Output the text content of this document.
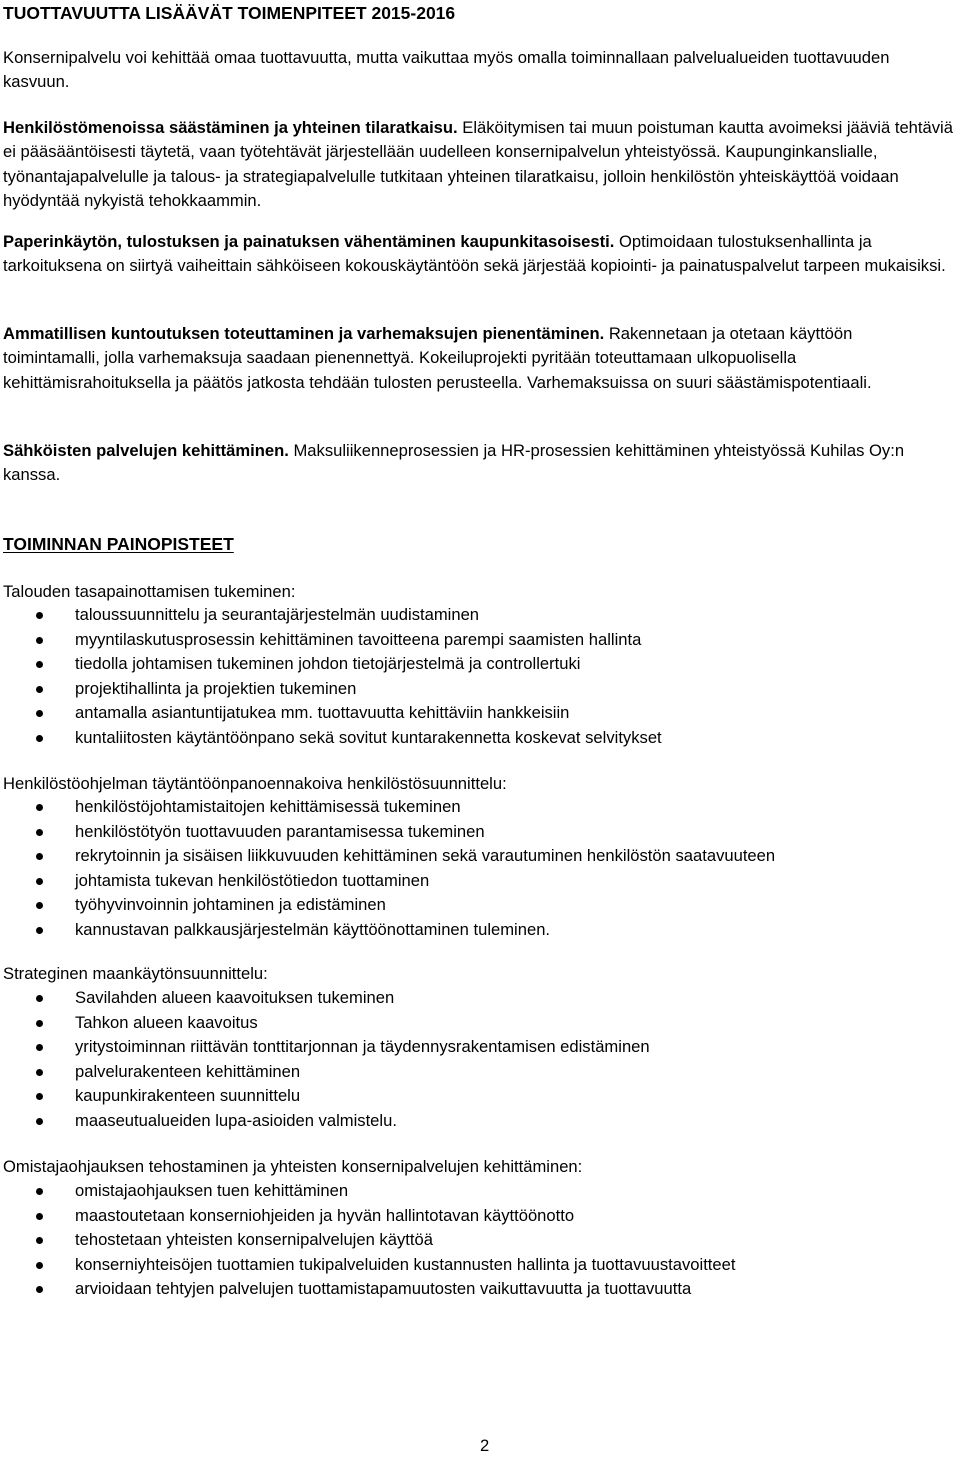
TUOTTAVUUTTA LISÄÄVÄT TOIMENPITEET 2015-2016

Konsernipalvelu voi kehittää omaa tuottavuutta, mutta vaikuttaa myös omalla toiminnallaan palvelualueiden tuottavuuden kasvuun.

Henkilöstömenoissa säästäminen ja yhteinen tilaratkaisu. Eläköitymisen tai muun poistuman kautta avoimeksi jääviä tehtäviä ei pääsääntöisesti täytetä, vaan työtehtävät järjestellään uudelleen konsernipalvelun yhteistyössä. Kaupunginkanslialle, työnantajapalvelulle ja talous- ja strategiapalvelulle tutkitaan yhteinen tilaratkaisu, jolloin henkilöstön yhteiskäyttöä voidaan hyödyntää nykyistä tehokkaammin.

Paperinkäytön, tulostuksen ja painatuksen vähentäminen kaupunkitasoisesti. Optimoidaan tulostuksenhallinta ja tarkoituksena on siirtyä vaiheittain sähköiseen kokouskäytäntöön sekä järjestää kopiointi- ja painatuspalvelut tarpeen mukaisiksi.

Ammatillisen kuntoutuksen toteuttaminen ja varhemaksujen pienentäminen. Rakennetaan ja otetaan käyttöön toimintamalli, jolla varhemaksuja saadaan pienennettyä. Kokeiluprojekti pyritään toteuttamaan ulkopuolisella kehittämisrahoituksella ja päätös jatkosta tehdään tulosten perusteella. Varhemaksuissa on suuri säästämispotentiaali.

Sähköisten palvelujen kehittäminen. Maksuliikenneprosessien ja HR-prosessien kehittäminen yhteistyössä Kuhilas Oy:n kanssa.

TOIMINNAN PAINOPISTEET
Talouden tasapainottamisen tukeminen:
taloussuunnittelu ja seurantajärjestelmän uudistaminen
myyntilaskutusprosessin kehittäminen tavoitteena parempi saamisten hallinta
tiedolla johtamisen tukeminen johdon tietojärjestelmä ja controllertuki
projektihallinta ja projektien tukeminen
antamalla asiantuntijatukea mm. tuottavuutta kehittäviin hankkeisiin
kuntaliitosten käytäntöönpano sekä sovitut kuntarakennetta koskevat selvitykset
Henkilöstöohjelman täytäntöönpanoennakoiva henkilöstösuunnittelu:
henkilöstöjohtamistaitojen kehittämisessä tukeminen
henkilöstötyön tuottavuuden parantamisessa tukeminen
rekrytoinnin ja sisäisen liikkuvuuden kehittäminen sekä varautuminen henkilöstön saatavuuteen
johtamista tukevan henkilöstötiedon tuottaminen
työhyvinvoinnin johtaminen ja edistäminen
kannustavan palkkausjärjestelmän käyttöönottaminen tuleminen.
Strateginen maankäytönsuunnittelu:
Savilahden alueen kaavoituksen tukeminen
Tahkon alueen kaavoitus
yritystoiminnan riittävän tonttitarjonnan ja täydennysrakentamisen edistäminen
palvelurakenteen kehittäminen
kaupunkirakenteen suunnittelu
maaseutualueiden lupa-asioiden valmistelu.
Omistajaohjauksen tehostaminen ja yhteisten konsernipalvelujen kehittäminen:
omistajaohjauksen tuen kehittäminen
maastoutetaan konserniohjeiden ja hyvän hallintotavan käyttöönotto
tehostetaan yhteisten konsernipalvelujen käyttöä
konserniyhteisöjen tuottamien tukipalveluiden kustannusten hallinta ja tuottavuustavoitteet
arvioidaan tehtyjen palvelujen tuottamistapamuutosten vaikuttavuutta ja tuottavuutta
2
